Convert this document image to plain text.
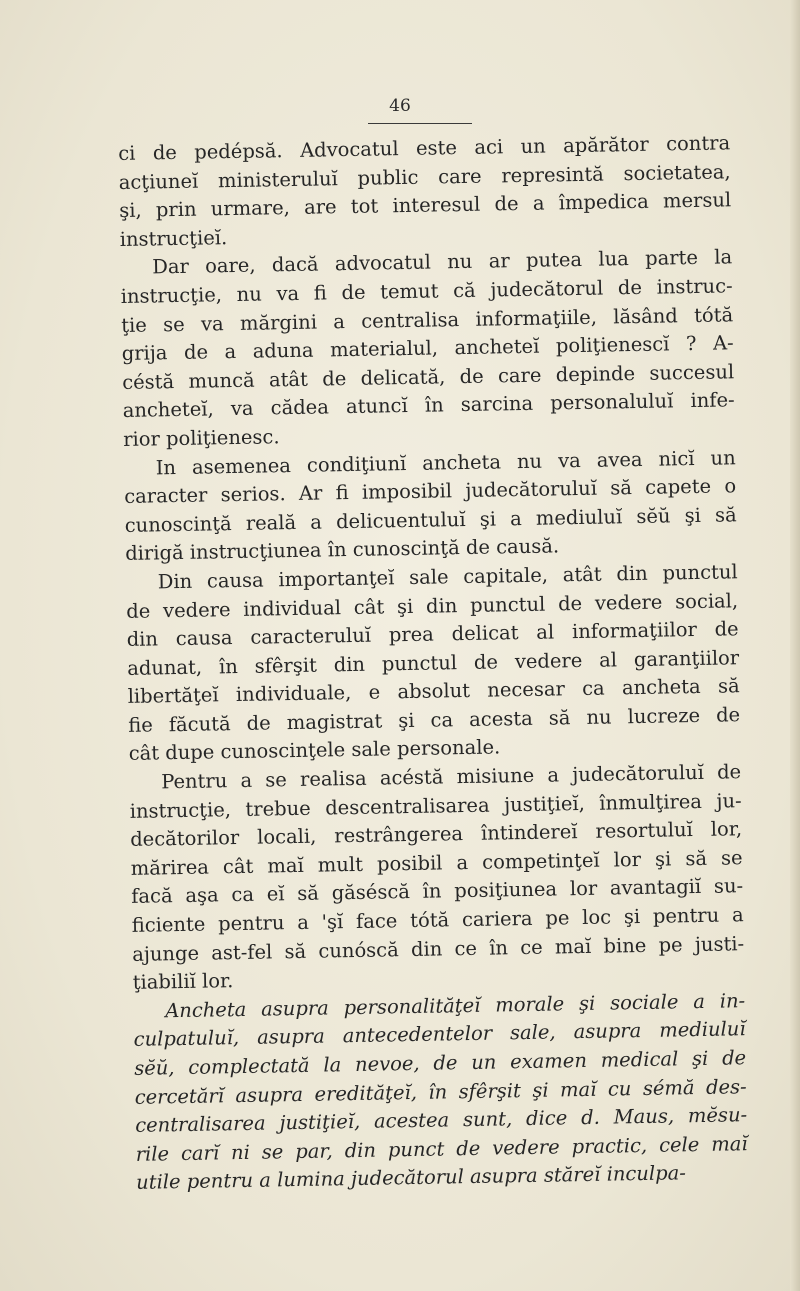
46
ci de pedépsă. Advocatul este aci un apărător contra
acţiuneĭ ministeruluĭ public care represintă societatea,
şi, prin urmare, are tot interesul de a împedica mersul
instrucţieĭ.
Dar oare, dacă advocatul nu ar putea lua parte la
instrucţie, nu va fi de temut că judecătorul de instruc-
ţie se va mărgini a centralisa informaţiile, lăsând tótă
grija de a aduna materialul, ancheteĭ poliţienescĭ ? A-
céstă muncă atât de delicată, de care depinde succesul
ancheteĭ, va cădea atuncĭ în sarcina personaluluĭ infe-
rior poliţienesc.
In asemenea condiţiunĭ ancheta nu va avea nicĭ un
caracter serios. Ar fi imposibil judecătoruluĭ să capete o
cunoscinţă reală a delicuentuluĭ şi a mediuluĭ sĕŭ şi să
dirigă instrucţiunea în cunoscinţă de causă.
Din causa importanţeĭ sale capitale, atât din punctul
de vedere individual cât şi din punctul de vedere social,
din causa caracteruluĭ prea delicat al informaţiilor de
adunat, în sfêrşit din punctul de vedere al garanţiilor
libertăţeĭ individuale, e absolut necesar ca ancheta să
fie făcută de magistrat şi ca acesta să nu lucreze de
cât dupe cunoscinţele sale personale.
Pentru a se realisa acéstă misiune a judecătoruluĭ de
instrucţie, trebue descentralisarea justiţieĭ, înmulţirea ju-
decătorilor locali, restrângerea întindereĭ resortuluĭ lor,
mărirea cât maĭ mult posibil a competinţeĭ lor şi să se
facă aşa ca eĭ să găséscă în posiţiunea lor avantagiĭ su-
ficiente pentru a 'şĭ face tótă cariera pe loc şi pentru a
ajunge ast-fel să cunóscă din ce în ce maĭ bine pe justi-
ţiabiliĭ lor.
Ancheta asupra personalităţeĭ morale şi sociale a in-
culpatuluĭ, asupra antecedentelor sale, asupra mediuluĭ
sĕŭ, complectată la nevoe, de un examen medical şi de
cercetărĭ asupra eredităţeĭ, în sfêrşit şi maĭ cu sémă des-
centralisarea justiţieĭ, acestea sunt, dice d. Maus, mĕsu-
rile carĭ ni se par, din punct de vedere practic, cele maĭ
utile pentru a lumina judecătorul asupra stăreĭ inculpa-
